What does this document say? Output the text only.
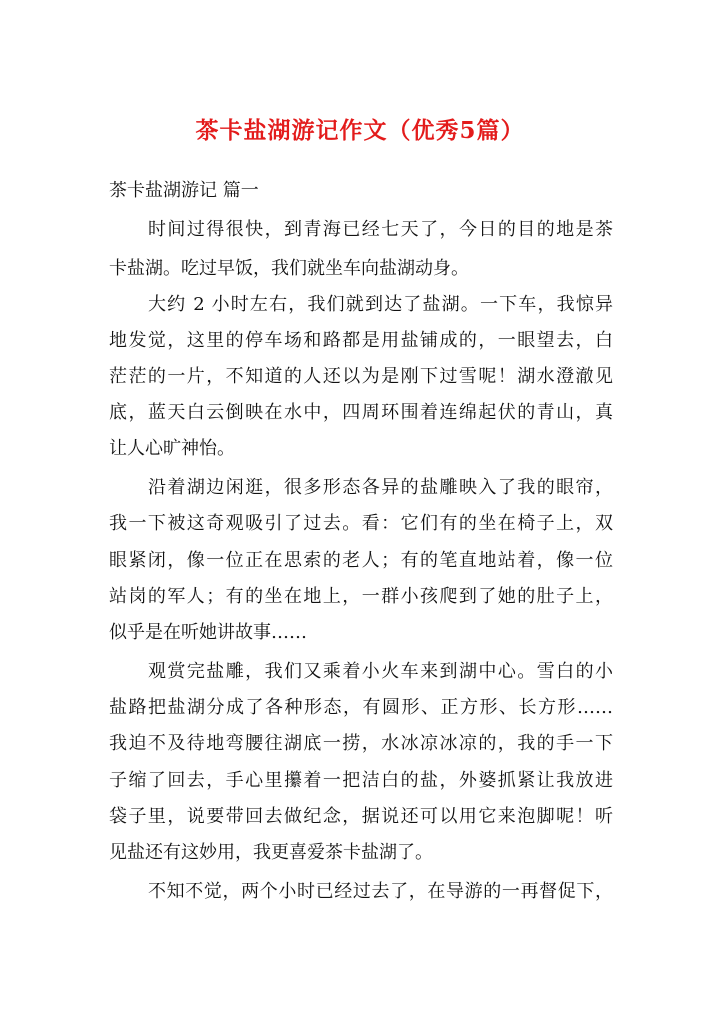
茶卡盐湖游记作文（优秀5篇）
茶卡盐湖游记 篇一
时间过得很快，到青海已经七天了，今日的目的地是茶
卡盐湖。吃过早饭，我们就坐车向盐湖动身。
大约 2 小时左右，我们就到达了盐湖。一下车，我惊异
地发觉，这里的停车场和路都是用盐铺成的，一眼望去，白
茫茫的一片，不知道的人还以为是刚下过雪呢！湖水澄澈见
底，蓝天白云倒映在水中，四周环围着连绵起伏的青山，真
让人心旷神怡。
沿着湖边闲逛，很多形态各异的盐雕映入了我的眼帘，
我一下被这奇观吸引了过去。看：它们有的坐在椅子上，双
眼紧闭，像一位正在思索的老人；有的笔直地站着，像一位
站岗的军人；有的坐在地上，一群小孩爬到了她的肚子上，
似乎是在听她讲故事……
观赏完盐雕，我们又乘着小火车来到湖中心。雪白的小
盐路把盐湖分成了各种形态，有圆形、正方形、长方形……
我迫不及待地弯腰往湖底一捞，水冰凉冰凉的，我的手一下
子缩了回去，手心里攥着一把洁白的盐，外婆抓紧让我放进
袋子里，说要带回去做纪念，据说还可以用它来泡脚呢！听
见盐还有这妙用，我更喜爱茶卡盐湖了。
不知不觉，两个小时已经过去了，在导游的一再督促下，
